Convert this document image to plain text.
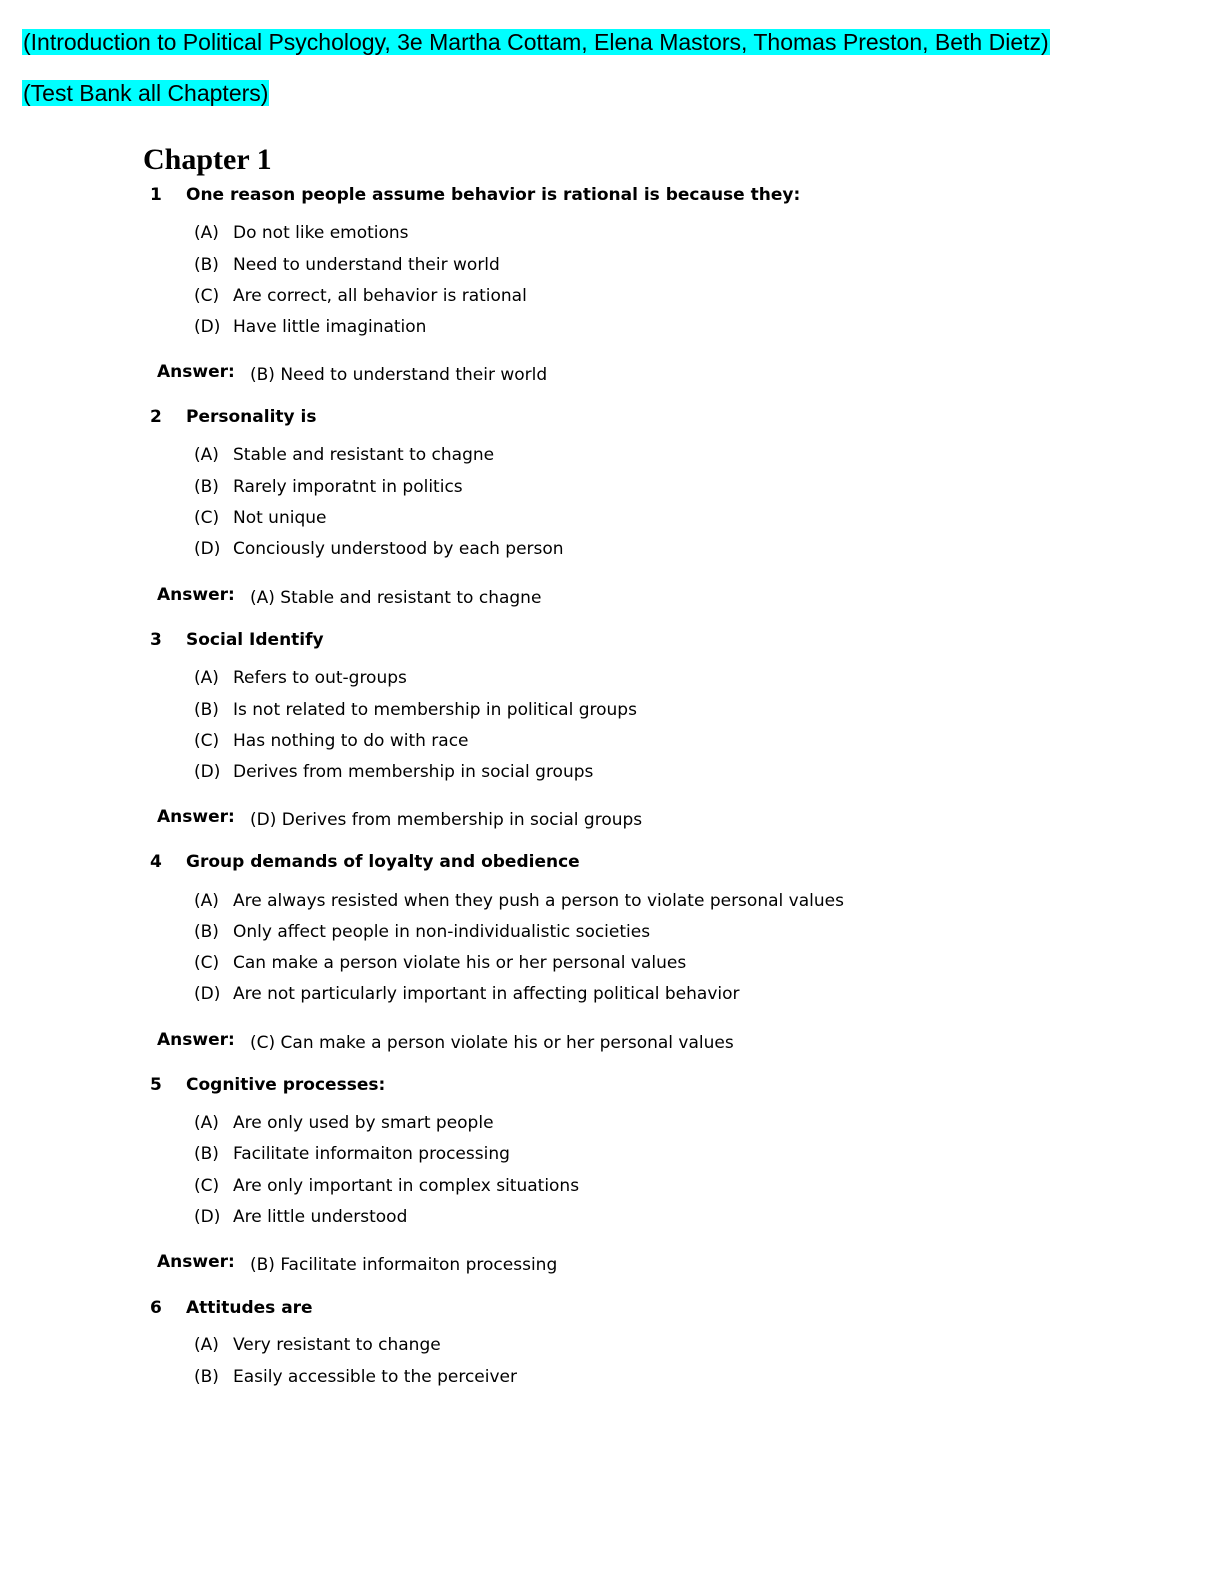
(Introduction to Political Psychology, 3e Martha Cottam, Elena Mastors, Thomas Preston, Beth Dietz)
(Test Bank all Chapters)
Chapter 1
1 One reason people assume behavior is rational is because they:
(A) Do not like emotions
(B) Need to understand their world
(C) Are correct, all behavior is rational
(D) Have little imagination
Answer: (B) Need to understand their world
2 Personality is
(A) Stable and resistant to chagne
(B) Rarely imporatnt in politics
(C) Not unique
(D) Conciously understood by each person
Answer: (A) Stable and resistant to chagne
3 Social Identify
(A) Refers to out-groups
(B) Is not related to membership in political groups
(C) Has nothing to do with race
(D) Derives from membership in social groups
Answer: (D) Derives from membership in social groups
4 Group demands of loyalty and obedience
(A) Are always resisted when they push a person to violate personal values
(B) Only affect people in non-individualistic societies
(C) Can make a person violate his or her personal values
(D) Are not particularly important in affecting political behavior
Answer: (C) Can make a person violate his or her personal values
5 Cognitive processes:
(A) Are only used by smart people
(B) Facilitate informaiton processing
(C) Are only important in complex situations
(D) Are little understood
Answer: (B) Facilitate informaiton processing
6 Attitudes are
(A) Very resistant to change
(B) Easily accessible to the perceiver
